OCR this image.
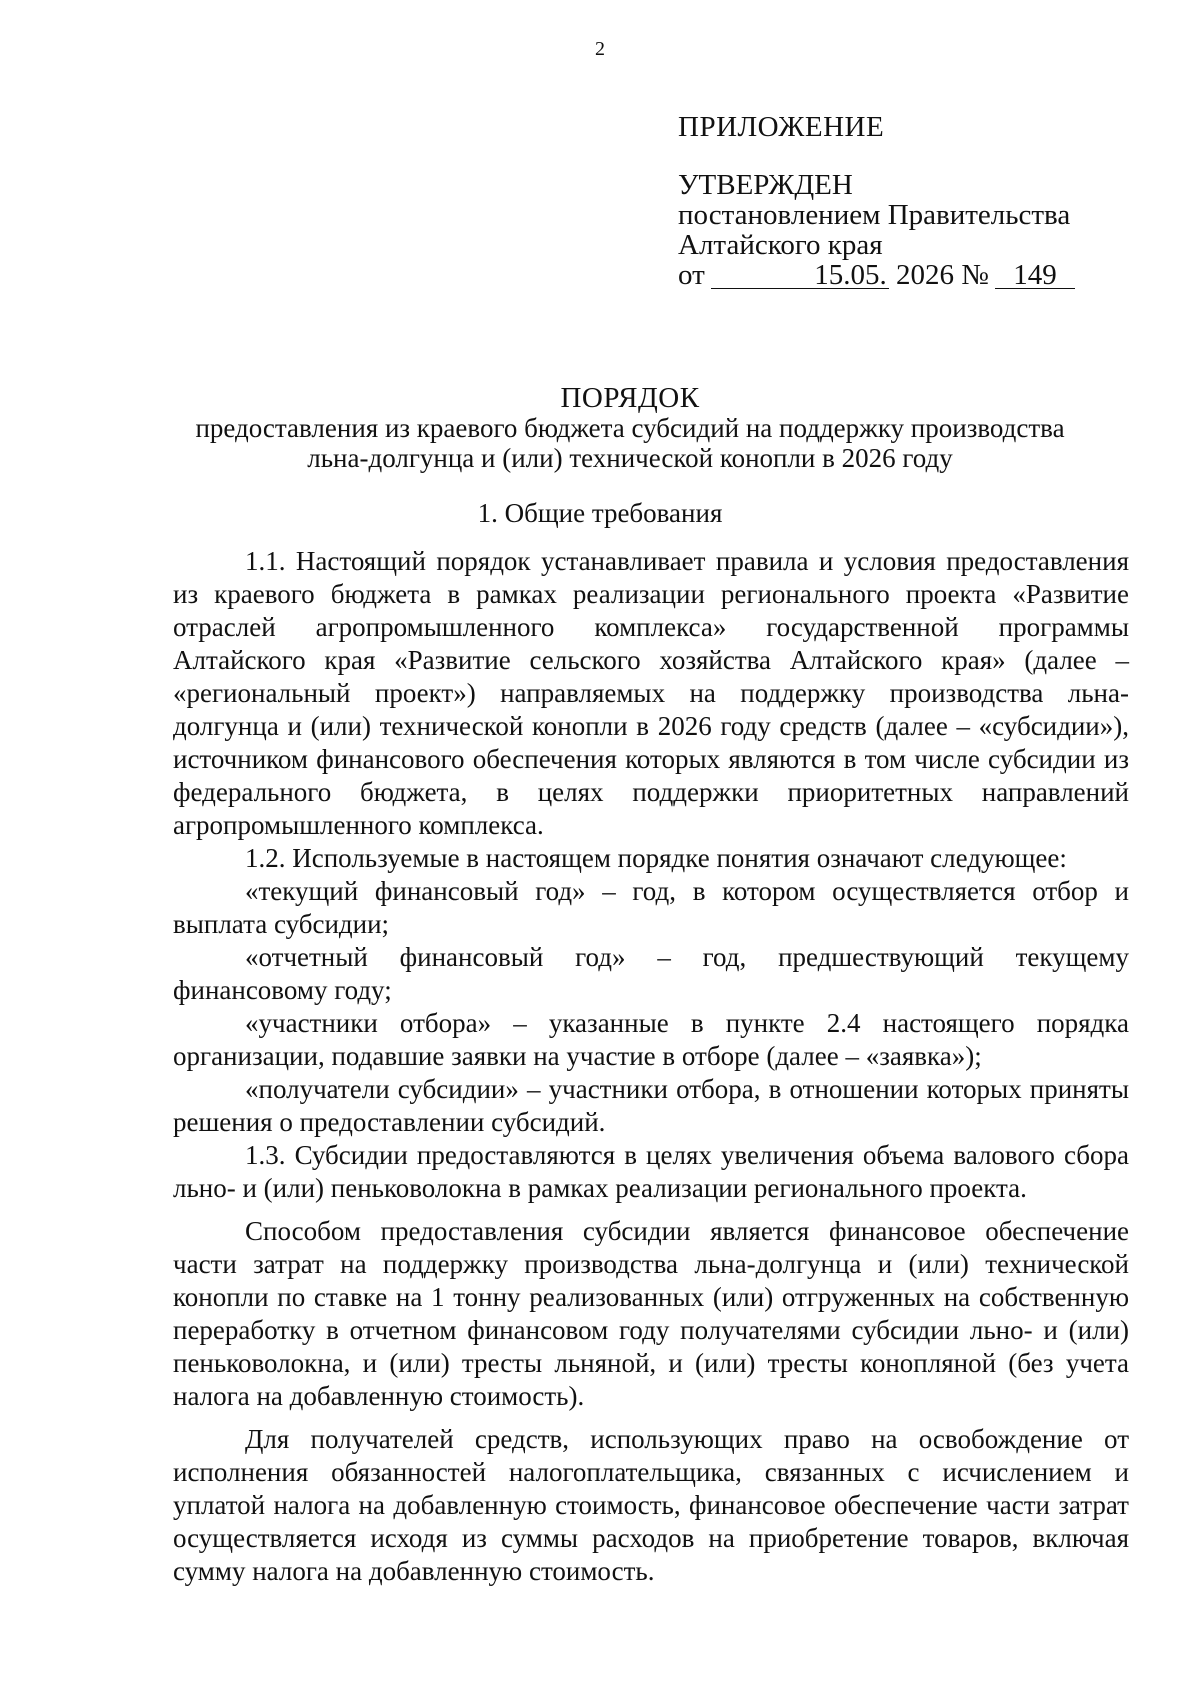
2
ПРИЛОЖЕНИЕ
УТВЕРЖДЕН
постановлением Правительства
Алтайского края
от	15.05. 2026 № 149
ПОРЯДОК
предоставления из краевого бюджета субсидий на поддержку производства
льна-долгунца и (или) технической конопли в 2026 году
1. Общие требования

1.1. Настоящий порядок устанавливает правила и условия предоставления из краевого бюджета в рамках реализации регионального проекта «Развитие отраслей агропромышленного комплекса» государственной программы Алтайского края «Развитие сельского хозяйства Алтайского края» (далее – «региональный проект») направляемых на поддержку производства льна-долгунца и (или) технической конопли в 2026 году средств (далее – «субсидии»), источником финансового обеспечения которых являются в том числе субсидии из федерального бюджета, в целях поддержки приоритетных направлений агропромышленного комплекса.

1.2. Используемые в настоящем порядке понятия означают следующее:

«текущий финансовый год» – год, в котором осуществляется отбор и выплата субсидии;

«отчетный финансовый год» – год, предшествующий текущему финансовому году;

«участники отбора» – указанные в пункте 2.4 настоящего порядка организации, подавшие заявки на участие в отборе (далее – «заявка»);

«получатели субсидии» – участники отбора, в отношении которых приняты решения о предоставлении субсидий.

1.3. Субсидии предоставляются в целях увеличения объема валового сбора льно- и (или) пеньковолокна в рамках реализации регионального проекта.

Способом предоставления субсидии является финансовое обеспечение части затрат на поддержку производства льна-долгунца и (или) технической конопли по ставке на 1 тонну реализованных (или) отгруженных на собственную переработку в отчетном финансовом году получателями субсидии льно- и (или) пеньковолокна, и (или) тресты льняной, и (или) тресты конопляной (без учета налога на добавленную стоимость).

Для получателей средств, использующих право на освобождение от исполнения обязанностей налогоплательщика, связанных с исчислением и уплатой налога на добавленную стоимость, финансовое обеспечение части затрат осуществляется исходя из суммы расходов на приобретение товаров, включая сумму налога на добавленную стоимость.
